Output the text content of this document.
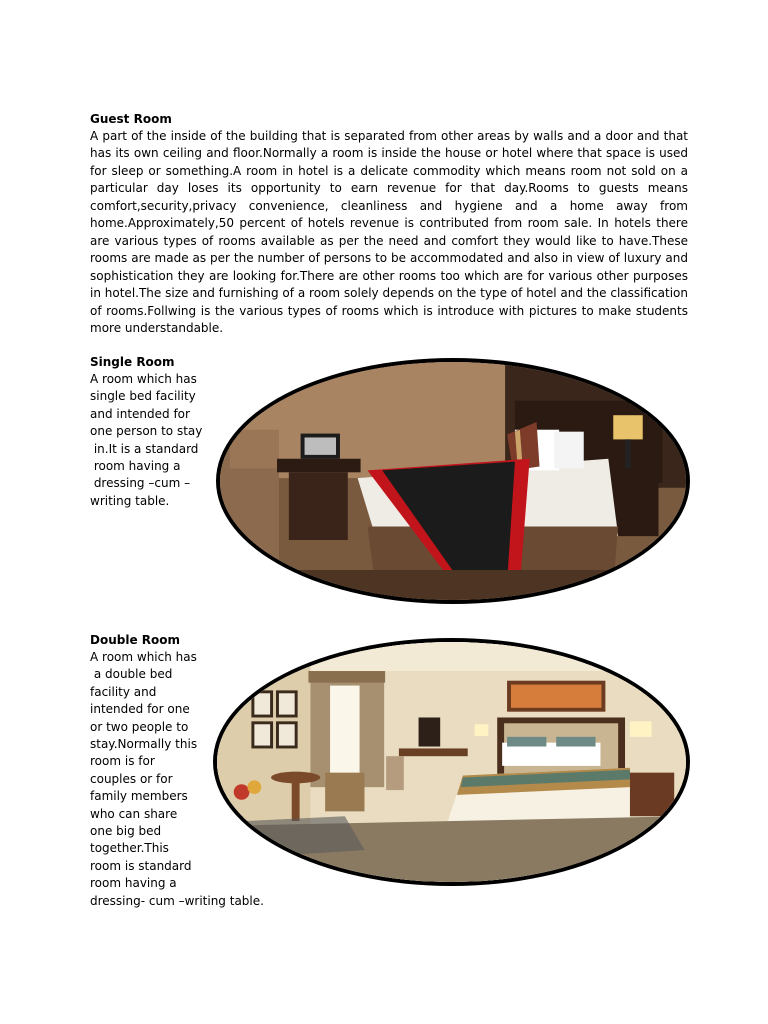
Guest Room

A part of the inside of the building that is separated from other areas by walls and a door and that has its own ceiling and floor.Normally a room is inside the house or hotel where that space is used for sleep or something.A room in hotel is a delicate commodity which means room not sold on a particular day loses its opportunity to earn revenue for that day.Rooms to guests means comfort,security,privacy convenience, cleanliness and hygiene and a home away from home.Approximately,50 percent of hotels revenue is contributed from room sale. In hotels there are various types of rooms available as per the need and comfort they would like to have.These rooms are made as per the number of persons to be accommodated and also in view of luxury and sophistication they are looking for.There are other rooms too which are for various other purposes in hotel.The size and furnishing of a room solely depends on the type of hotel and the classification of rooms.Follwing is the various types of rooms which is introduce with pictures to make students more understandable.

Single Room
A room which has
single bed facility
and intended for
one person to stay
in.It is a standard
room having a
dressing –cum –
writing table.
Double Room
A room which has
a double bed
facility and
intended for one
or two people to
stay.Normally this
room is for
couples or for
family members
who can share
one big bed
together.This
room is standard
room having a
dressing- cum –writing table.
